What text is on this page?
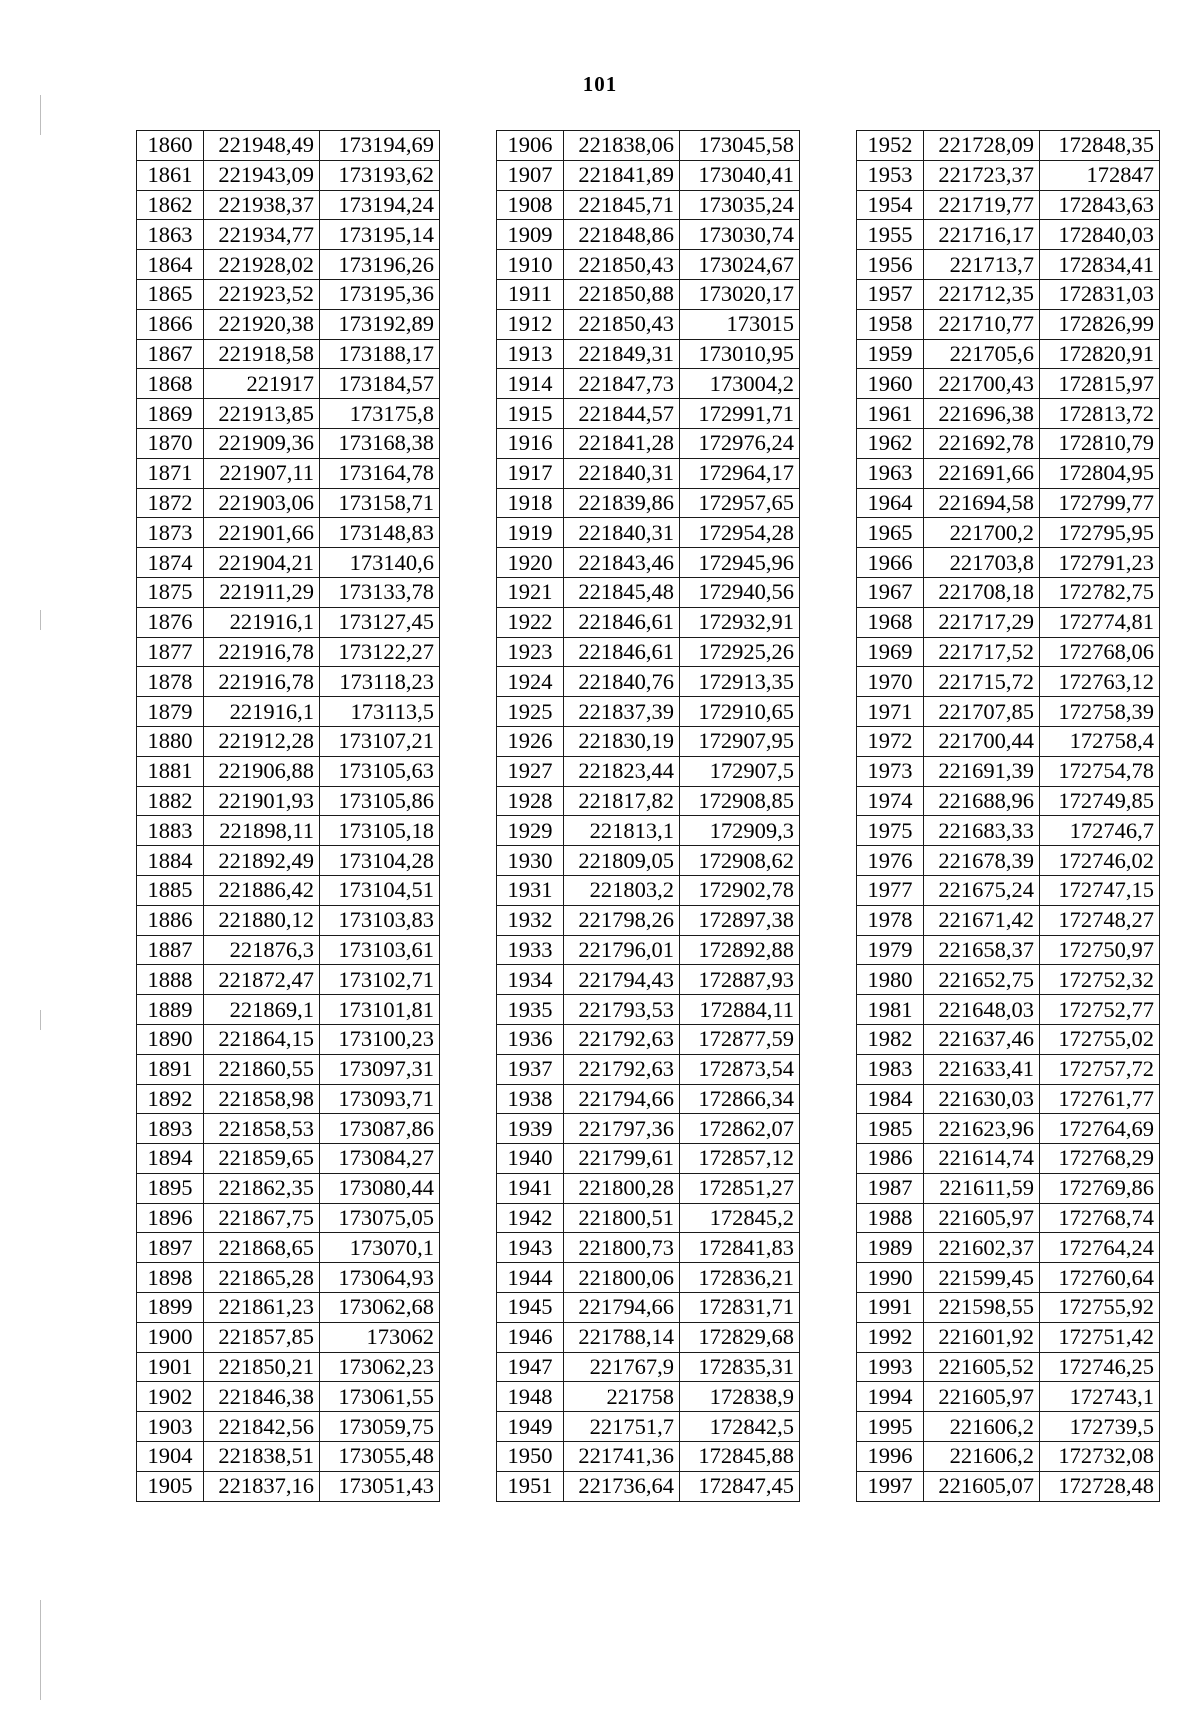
101
1860	221948,49	173194,69
1861	221943,09	173193,62
1862	221938,37	173194,24
1863	221934,77	173195,14
1864	221928,02	173196,26
1865	221923,52	173195,36
1866	221920,38	173192,89
1867	221918,58	173188,17
1868	221917	173184,57
1869	221913,85	173175,8
1870	221909,36	173168,38
1871	221907,11	173164,78
1872	221903,06	173158,71
1873	221901,66	173148,83
1874	221904,21	173140,6
1875	221911,29	173133,78
1876	221916,1	173127,45
1877	221916,78	173122,27
1878	221916,78	173118,23
1879	221916,1	173113,5
1880	221912,28	173107,21
1881	221906,88	173105,63
1882	221901,93	173105,86
1883	221898,11	173105,18
1884	221892,49	173104,28
1885	221886,42	173104,51
1886	221880,12	173103,83
1887	221876,3	173103,61
1888	221872,47	173102,71
1889	221869,1	173101,81
1890	221864,15	173100,23
1891	221860,55	173097,31
1892	221858,98	173093,71
1893	221858,53	173087,86
1894	221859,65	173084,27
1895	221862,35	173080,44
1896	221867,75	173075,05
1897	221868,65	173070,1
1898	221865,28	173064,93
1899	221861,23	173062,68
1900	221857,85	173062
1901	221850,21	173062,23
1902	221846,38	173061,55
1903	221842,56	173059,75
1904	221838,51	173055,48
1905	221837,16	173051,43
1906	221838,06	173045,58
1907	221841,89	173040,41
1908	221845,71	173035,24
1909	221848,86	173030,74
1910	221850,43	173024,67
1911	221850,88	173020,17
1912	221850,43	173015
1913	221849,31	173010,95
1914	221847,73	173004,2
1915	221844,57	172991,71
1916	221841,28	172976,24
1917	221840,31	172964,17
1918	221839,86	172957,65
1919	221840,31	172954,28
1920	221843,46	172945,96
1921	221845,48	172940,56
1922	221846,61	172932,91
1923	221846,61	172925,26
1924	221840,76	172913,35
1925	221837,39	172910,65
1926	221830,19	172907,95
1927	221823,44	172907,5
1928	221817,82	172908,85
1929	221813,1	172909,3
1930	221809,05	172908,62
1931	221803,2	172902,78
1932	221798,26	172897,38
1933	221796,01	172892,88
1934	221794,43	172887,93
1935	221793,53	172884,11
1936	221792,63	172877,59
1937	221792,63	172873,54
1938	221794,66	172866,34
1939	221797,36	172862,07
1940	221799,61	172857,12
1941	221800,28	172851,27
1942	221800,51	172845,2
1943	221800,73	172841,83
1944	221800,06	172836,21
1945	221794,66	172831,71
1946	221788,14	172829,68
1947	221767,9	172835,31
1948	221758	172838,9
1949	221751,7	172842,5
1950	221741,36	172845,88
1951	221736,64	172847,45
1952	221728,09	172848,35
1953	221723,37	172847
1954	221719,77	172843,63
1955	221716,17	172840,03
1956	221713,7	172834,41
1957	221712,35	172831,03
1958	221710,77	172826,99
1959	221705,6	172820,91
1960	221700,43	172815,97
1961	221696,38	172813,72
1962	221692,78	172810,79
1963	221691,66	172804,95
1964	221694,58	172799,77
1965	221700,2	172795,95
1966	221703,8	172791,23
1967	221708,18	172782,75
1968	221717,29	172774,81
1969	221717,52	172768,06
1970	221715,72	172763,12
1971	221707,85	172758,39
1972	221700,44	172758,4
1973	221691,39	172754,78
1974	221688,96	172749,85
1975	221683,33	172746,7
1976	221678,39	172746,02
1977	221675,24	172747,15
1978	221671,42	172748,27
1979	221658,37	172750,97
1980	221652,75	172752,32
1981	221648,03	172752,77
1982	221637,46	172755,02
1983	221633,41	172757,72
1984	221630,03	172761,77
1985	221623,96	172764,69
1986	221614,74	172768,29
1987	221611,59	172769,86
1988	221605,97	172768,74
1989	221602,37	172764,24
1990	221599,45	172760,64
1991	221598,55	172755,92
1992	221601,92	172751,42
1993	221605,52	172746,25
1994	221605,97	172743,1
1995	221606,2	172739,5
1996	221606,2	172732,08
1997	221605,07	172728,48
